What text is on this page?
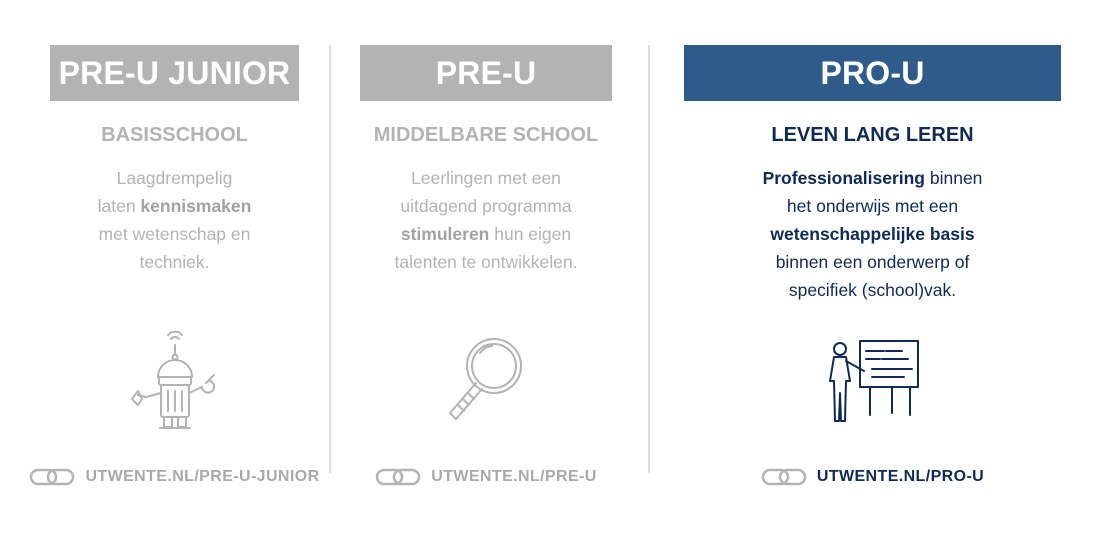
PRE-U JUNIOR
BASISSCHOOL
Laagdrempelig
laten kennismaken
met wetenschap en
techniek.
UTWENTE.NL/PRE-U-JUNIOR
PRE-U
MIDDELBARE SCHOOL
Leerlingen met een
uitdagend programma
stimuleren hun eigen
talenten te ontwikkelen.
UTWENTE.NL/PRE-U
PRO-U
LEVEN LANG LEREN
Professionalisering binnen
het onderwijs met een
wetenschappelijke basis
binnen een onderwerp of
specifiek (school)vak.
UTWENTE.NL/PRO-U
